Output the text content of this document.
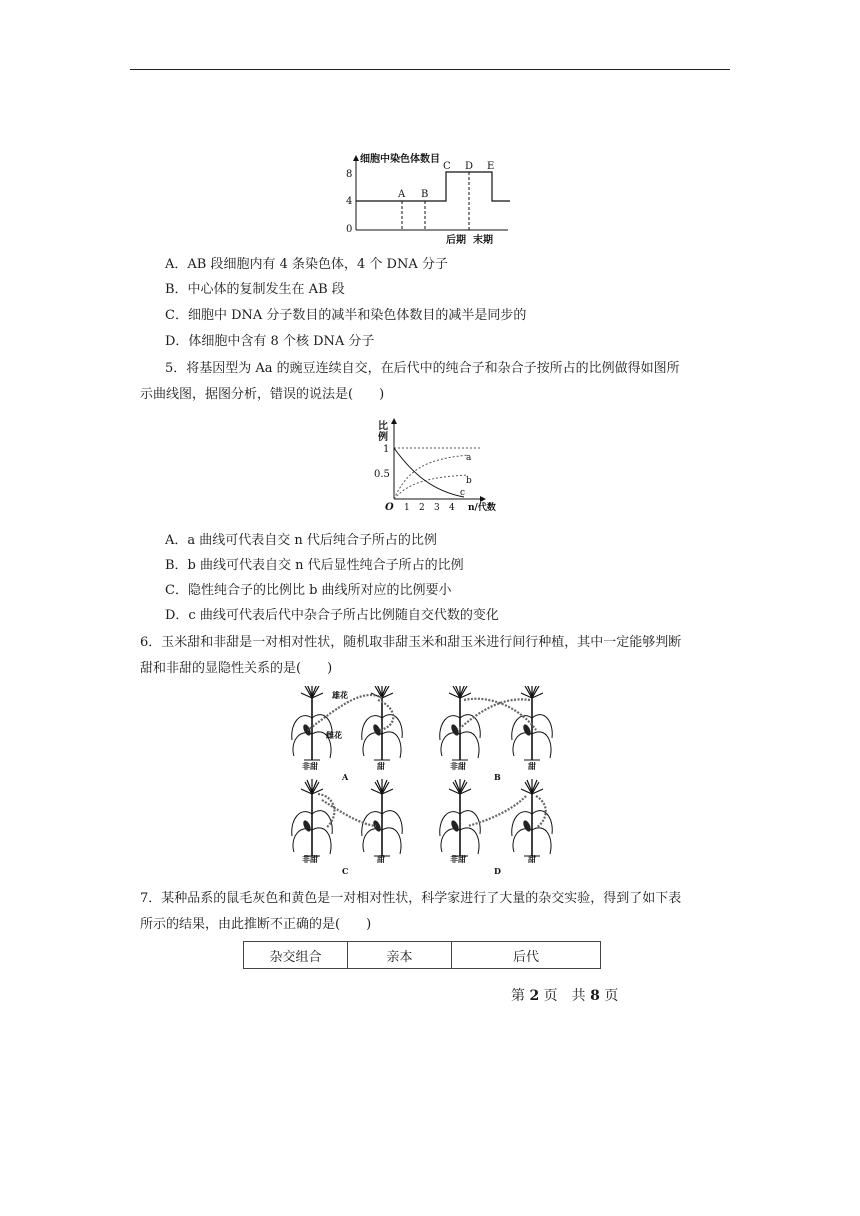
细胞中染色体数目
8
4
0
A B
C D E
后期 末期
A．AB 段细胞内有 4 条染色体，4 个 DNA 分子
B．中心体的复制发生在 AB 段
C．细胞中 DNA 分子数目的减半和染色体数目的减半是同步的
D．体细胞中含有 8 个核 DNA 分子
5．将基因型为 Aa 的豌豆连续自交，在后代中的纯合子和杂合子按所占的比例做得如图所
示曲线图，据图分析，错误的说法是(　　)
比
例
1
0.5
O 1 2 3 4 n/代数
a
b
c
A．a 曲线可代表自交 n 代后纯合子所占的比例
B．b 曲线可代表自交 n 代后显性纯合子所占的比例
C．隐性纯合子的比例比 b 曲线所对应的比例要小
D．c 曲线可代表后代中杂合子所占比例随自交代数的变化
6．玉米甜和非甜是一对相对性状，随机取非甜玉米和甜玉米进行间行种植，其中一定能够判断
甜和非甜的显隐性关系的是(　　)
雄花
雌花
非甜	甜
A
非甜	甜
B
非甜	甜
C
非甜	甜
D
7．某种品系的鼠毛灰色和黄色是一对相对性状，科学家进行了大量的杂交实验，得到了如下表
所示的结果，由此推断不正确的是(　　)
杂交组合	亲本	后代
第 2 页　共 8 页
